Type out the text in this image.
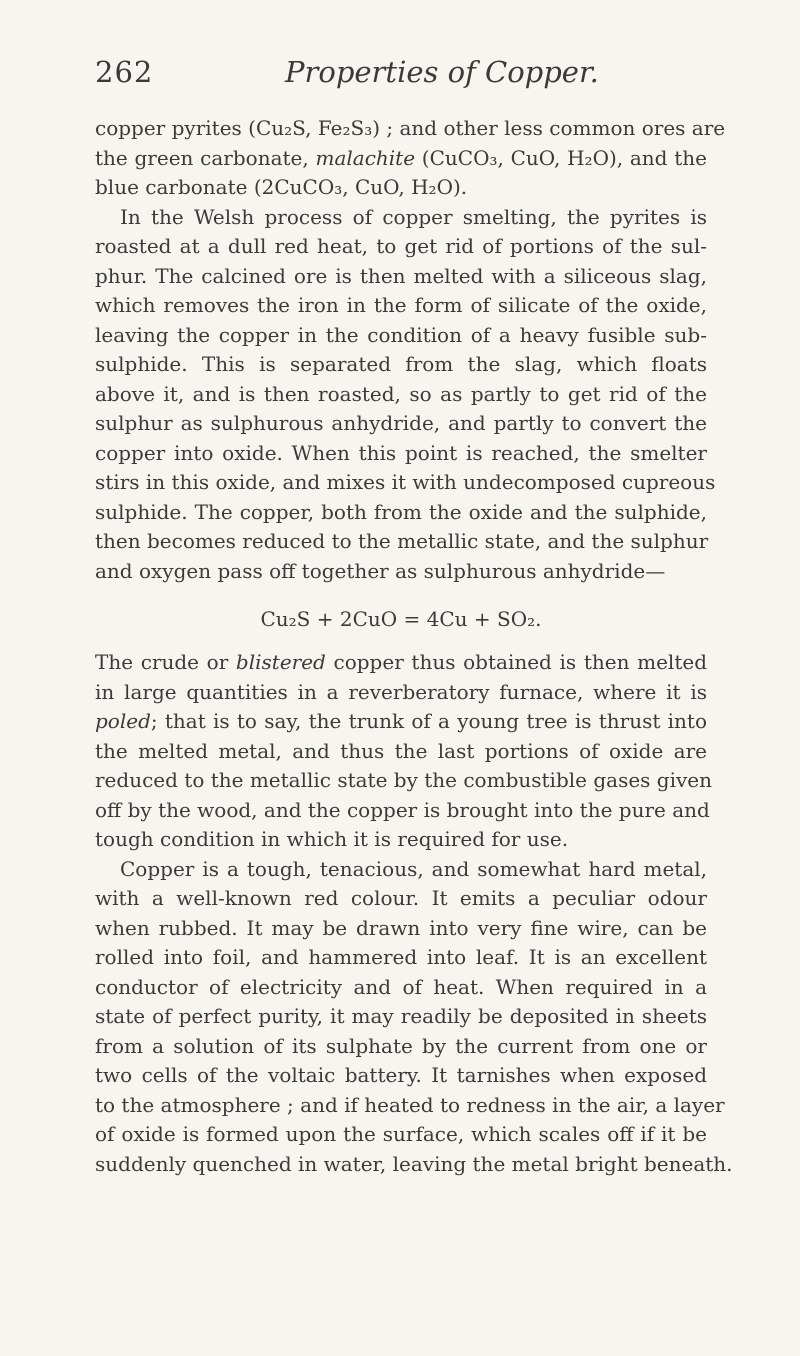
262	Properties of Copper.
copper pyrites (Cu₂S, Fe₂S₃) ; and other less common ores are
the green carbonate, malachite (CuCO₃, CuO, H₂O), and the
blue carbonate (2CuCO₃, CuO, H₂O).
In the Welsh process of copper smelting, the pyrites is
roasted at a dull red heat, to get rid of portions of the sul-
phur. The calcined ore is then melted with a siliceous slag,
which removes the iron in the form of silicate of the oxide,
leaving the copper in the condition of a heavy fusible sub-
sulphide. This is separated from the slag, which floats
above it, and is then roasted, so as partly to get rid of the
sulphur as sulphurous anhydride, and partly to convert the
copper into oxide. When this point is reached, the smelter
stirs in this oxide, and mixes it with undecomposed cupreous
sulphide. The copper, both from the oxide and the sulphide,
then becomes reduced to the metallic state, and the sulphur
and oxygen pass off together as sulphurous anhydride—
Cu₂S + 2CuO = 4Cu + SO₂.
The crude or blistered copper thus obtained is then melted
in large quantities in a reverberatory furnace, where it is
poled; that is to say, the trunk of a young tree is thrust into
the melted metal, and thus the last portions of oxide are
reduced to the metallic state by the combustible gases given
off by the wood, and the copper is brought into the pure and
tough condition in which it is required for use.
Copper is a tough, tenacious, and somewhat hard metal,
with a well-known red colour. It emits a peculiar odour
when rubbed. It may be drawn into very fine wire, can be
rolled into foil, and hammered into leaf. It is an excellent
conductor of electricity and of heat. When required in a
state of perfect purity, it may readily be deposited in sheets
from a solution of its sulphate by the current from one or
two cells of the voltaic battery. It tarnishes when exposed
to the atmosphere ; and if heated to redness in the air, a layer
of oxide is formed upon the surface, which scales off if it be
suddenly quenched in water, leaving the metal bright beneath.
